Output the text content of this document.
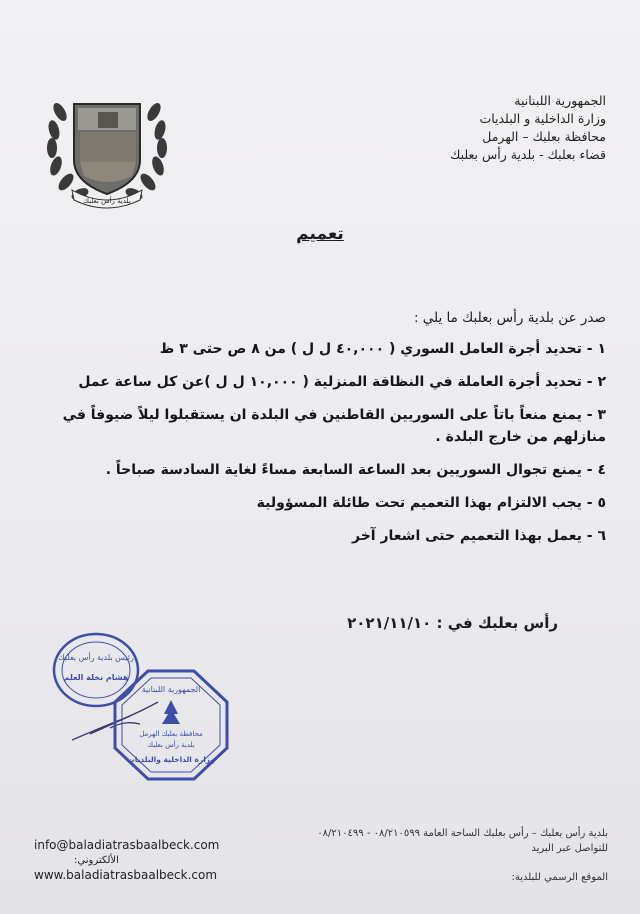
بلدية رأس بعلبك
الجمهورية اللبنانية
وزارة الداخلية و البلديات
محافظة بعلبك – الهرمل
قضاء بعلبك - بلدية رأس بعلبك
تعميم
صدر عن بلدية رأس بعلبك ما يلي :
١ - تحديد أجرة العامل السوري ( ٤٠,٠٠٠ ل ل ) من ٨ ص حتى ٣ ظ
٢ - تحديد أجرة العاملة في النظافة المنزلية ( ١٠,٠٠٠ ل ل )عن كل ساعة عمل
٣ - يمنع منعاً باتاً على السوريين القاطنين في البلدة ان يستقبلوا ليلاً ضيوفاً في منازلهم من خارج البلدة .
٤ - يمنع تجوال السوريين بعد الساعة السابعة مساءً لغاية السادسة صباحاً .
٥ - يجب الالتزام بهذا التعميم تحت طائلة المسؤولية
٦ - يعمل بهذا التعميم حتى اشعار آخر
رأس بعلبك في : ٢٠٢١/١١/١٠
رئيس بلدية رأس بعلبك
هشام نخلة العلم
الجمهورية اللبنانية
محافظة بعلبك الهرمل
بلدية رأس بعلبك
وزارة الداخلية والبلديات
info@baladiatrasbaalbeck.com
الألكتروني:
www.baladiatrasbaalbeck.com
بلدية رأس بعلبك – رأس بعلبك الساحة العامة ٠٨/٢١٠٥٩٩ - ٠٨/٢١٠٤٩٩
للتواصل عبر البريد
الموقع الرسمي للبلدية:
